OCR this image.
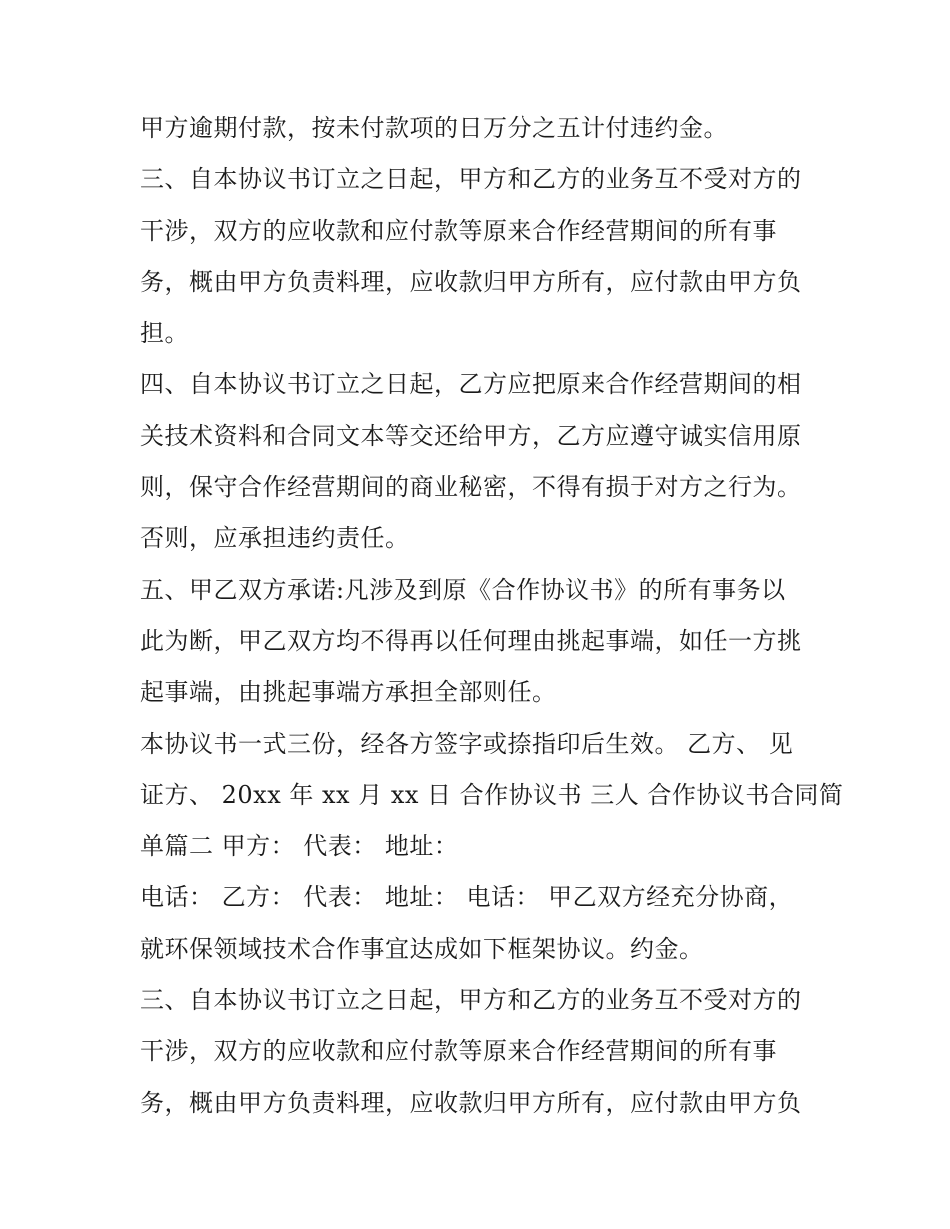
甲方逾期付款，按未付款项的日万分之五计付违约金。
三、自本协议书订立之日起，甲方和乙方的业务互不受对方的
干涉，双方的应收款和应付款等原来合作经营期间的所有事
务，概由甲方负责料理，应收款归甲方所有，应付款由甲方负
担。
四、自本协议书订立之日起，乙方应把原来合作经营期间的相
关技术资料和合同文本等交还给甲方，乙方应遵守诚实信用原
则，保守合作经营期间的商业秘密，不得有损于对方之行为。
否则，应承担违约责任。
五、甲乙双方承诺:凡涉及到原《合作协议书》的所有事务以
此为断，甲乙双方均不得再以任何理由挑起事端，如任一方挑
起事端，由挑起事端方承担全部则任。
本协议书一式三份，经各方签字或捺指印后生效。 乙方、 见
证方、 20xx 年 xx 月 xx 日 合作协议书 三人 合作协议书合同简
单篇二 甲方： 代表： 地址：
电话： 乙方： 代表： 地址： 电话： 甲乙双方经充分协商，
就环保领域技术合作事宜达成如下框架协议。约金。
三、自本协议书订立之日起，甲方和乙方的业务互不受对方的
干涉，双方的应收款和应付款等原来合作经营期间的所有事
务，概由甲方负责料理，应收款归甲方所有，应付款由甲方负
